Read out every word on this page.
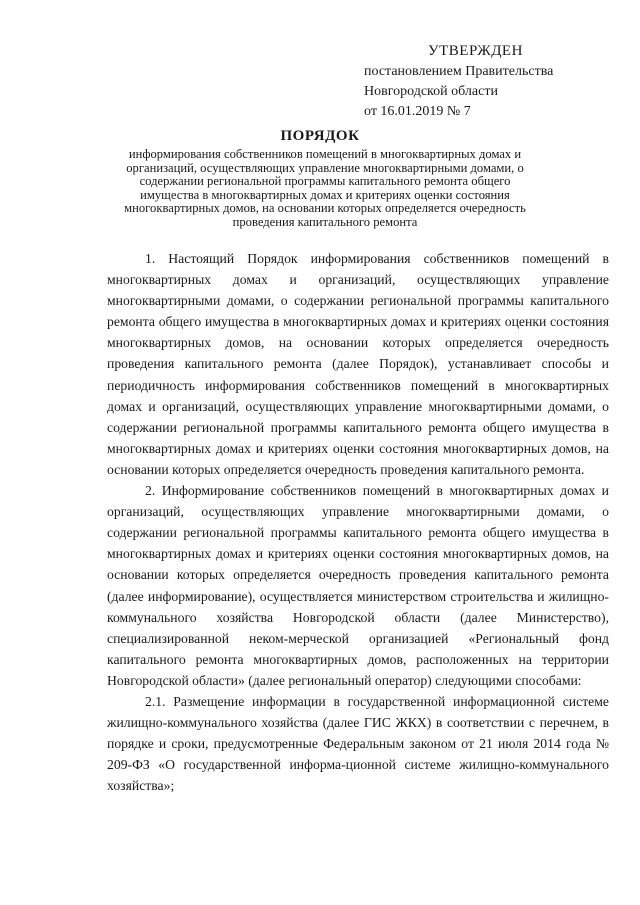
УТВЕРЖДЕН
постановлением Правительства
Новгородской области
от 16.01.2019 № 7
ПОРЯДОК
информирования собственников помещений в многоквартирных домах и организаций, осуществляющих управление многоквартирными домами, о содержании региональной программы капитального ремонта общего имущества в многоквартирных домах и критериях оценки состояния многоквартирных домов, на основании которых определяется очередность проведения капитального ремонта

1. Настоящий Порядок информирования собственников помещений в многоквартирных домах и организаций, осуществляющих управление многоквартирными домами, о содержании региональной программы капитального ремонта общего имущества в многоквартирных домах и критериях оценки состояния многоквартирных домов, на основании которых определяется очередность проведения капитального ремонта (далее Порядок), устанавливает способы и периодичность информирования собственников помещений в многоквартирных домах и организаций, осуществляющих управление многоквартирными домами, о содержании региональной программы капитального ремонта общего имущества в многоквартирных домах и критериях оценки состояния многоквартирных домов, на основании которых определяется очередность проведения капитального ремонта.

2. Информирование собственников помещений в многоквартирных домах и организаций, осуществляющих управление многоквартирными домами, о содержании региональной программы капитального ремонта общего имущества в многоквартирных домах и критериях оценки состояния многоквартирных домов, на основании которых определяется очередность проведения капитального ремонта (далее информирование), осуществляется министерством строительства и жилищно-коммунального хозяйства Новгородской области (далее Министерство), специализированной неком-мерческой организацией «Региональный фонд капитального ремонта многоквартирных домов, расположенных на территории Новгородской области» (далее региональный оператор) следующими способами:

2.1. Размещение информации в государственной информационной системе жилищно-коммунального хозяйства (далее ГИС ЖКХ) в соответствии с перечнем, в порядке и сроки, предусмотренные Федеральным законом от 21 июля 2014 года № 209-ФЗ «О государственной информа-ционной системе жилищно-коммунального хозяйства»;
